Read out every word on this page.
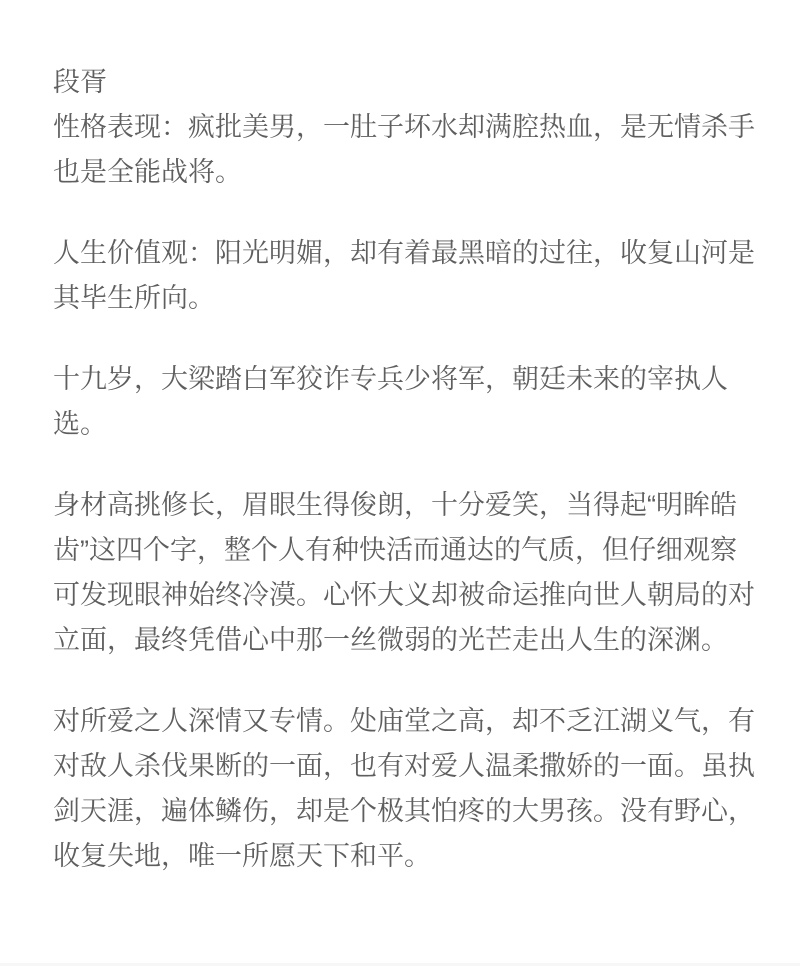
段胥

性格表现：疯批美男，一肚子坏水却满腔热血，是无情杀手也是全能战将。

人生价值观：阳光明媚，却有着最黑暗的过往，收复山河是其毕生所向。

十九岁，大梁踏白军狡诈专兵少将军，朝廷未来的宰执人选。

身材高挑修长，眉眼生得俊朗，十分爱笑，当得起“明眸皓齿”这四个字，整个人有种快活而通达的气质，但仔细观察可发现眼神始终冷漠。心怀大义却被命运推向世人朝局的对立面，最终凭借心中那一丝微弱的光芒走出人生的深渊。

对所爱之人深情又专情。处庙堂之高，却不乏江湖义气，有对敌人杀伐果断的一面，也有对爱人温柔撒娇的一面。虽执剑天涯，遍体鳞伤，却是个极其怕疼的大男孩。没有野心，收复失地，唯一所愿天下和平。
